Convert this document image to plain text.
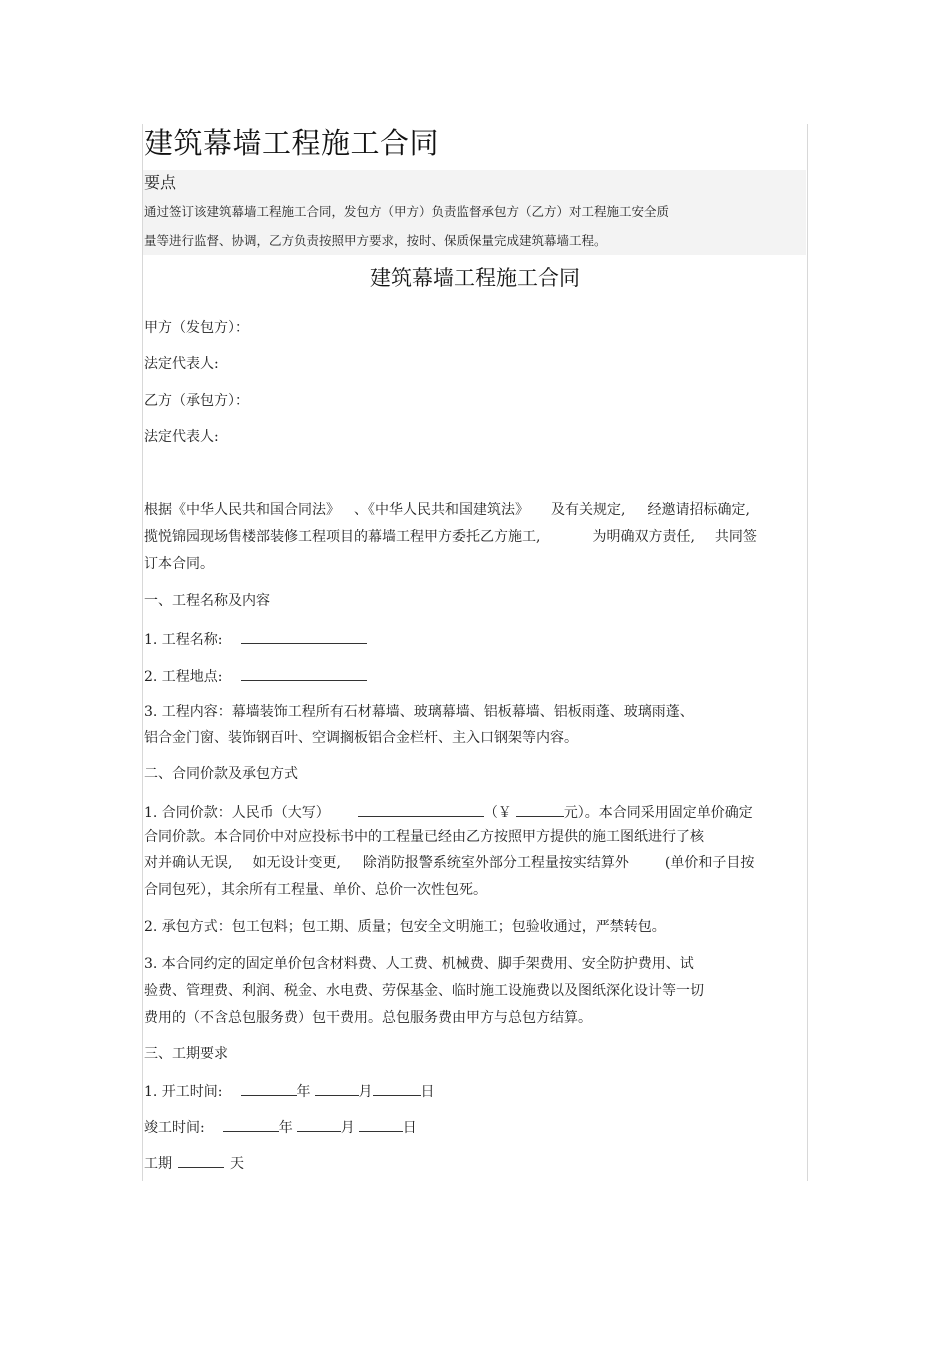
建筑幕墙工程施工合同
要点
通过签订该建筑幕墙工程施工合同，发包方（甲方）负责监督承包方（乙方）对工程施工安全质
量等进行监督、协调，乙方负责按照甲方要求，按时、保质保量完成建筑幕墙工程。
建筑幕墙工程施工合同
甲方（发包方）：
法定代表人:
乙方（承包方）：
法定代表人:
根据《中华人民共和国合同法》 、《中华人民共和国建筑法》 及有关规定, 经邀请招标确定,
揽悦锦园现场售楼部装修工程项目的幕墙工程甲方委托乙方施工,	为明确双方责任, 共同签
订本合同。
一、工程名称及内容
1. 工程名称:
2. 工程地点:
3. 工程内容：幕墙装饰工程所有石材幕墙、玻璃幕墙、铝板幕墙、铝板雨蓬、玻璃雨蓬、
铝合金门窗、装饰钢百叶、空调搁板铝合金栏杆、主入口钢架等内容。
二、合同价款及承包方式
1. 合同价款：人民币（大写）	（￥	元）。本合同采用固定单价确定
合同价款。本合同价中对应投标书中的工程量已经由乙方按照甲方提供的施工图纸进行了核
对并确认无误, 如无设计变更, 除消防报警系统室外部分工程量按实结算外	(单价和子目按
合同包死），其余所有工程量、单价、总价一次性包死。
2. 承包方式：包工包料；包工期、质量；包安全文明施工；包验收通过，严禁转包。
3. 本合同约定的固定单价包含材料费、人工费、机械费、脚手架费用、安全防护费用、试
验费、管理费、利润、税金、水电费、劳保基金、临时施工设施费以及图纸深化设计等一切
费用的（不含总包服务费）包干费用。总包服务费由甲方与总包方结算。
三、工期要求
1. 开工时间:	年	月	日
竣工时间:	年	月	日
工期	天
